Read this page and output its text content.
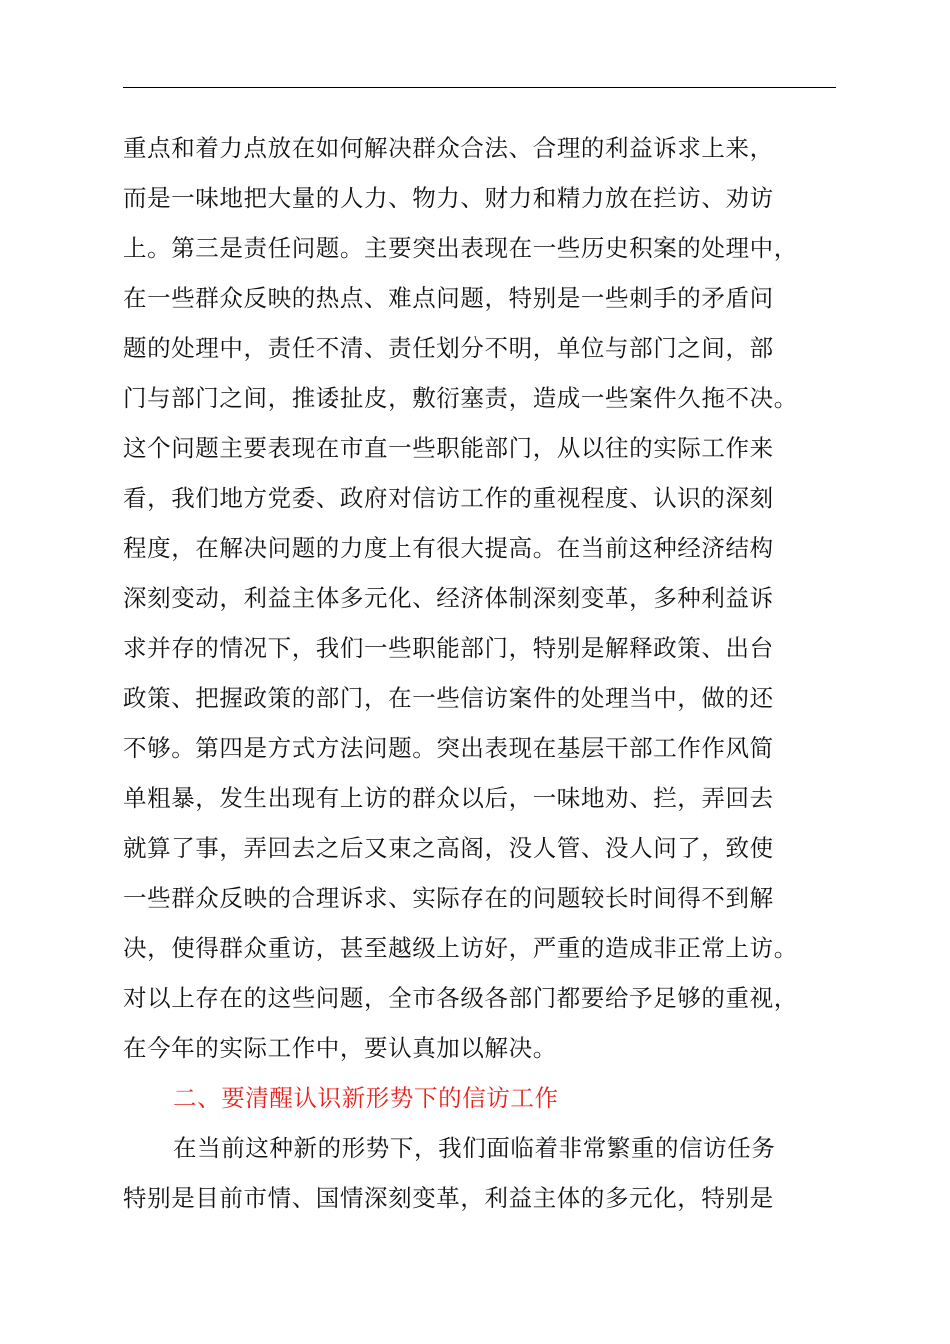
重点和着力点放在如何解决群众合法、合理的利益诉求上来，
而是一味地把大量的人力、物力、财力和精力放在拦访、劝访
上。第三是责任问题。主要突出表现在一些历史积案的处理中，
在一些群众反映的热点、难点问题，特别是一些刺手的矛盾问
题的处理中，责任不清、责任划分不明，单位与部门之间，部
门与部门之间，推诿扯皮，敷衍塞责，造成一些案件久拖不决。
这个问题主要表现在市直一些职能部门，从以往的实际工作来
看，我们地方党委、政府对信访工作的重视程度、认识的深刻
程度，在解决问题的力度上有很大提高。在当前这种经济结构
深刻变动，利益主体多元化、经济体制深刻变革，多种利益诉
求并存的情况下，我们一些职能部门，特别是解释政策、出台
政策、把握政策的部门，在一些信访案件的处理当中，做的还
不够。第四是方式方法问题。突出表现在基层干部工作作风简
单粗暴，发生出现有上访的群众以后，一味地劝、拦，弄回去
就算了事，弄回去之后又束之高阁，没人管、没人问了，致使
一些群众反映的合理诉求、实际存在的问题较长时间得不到解
决，使得群众重访，甚至越级上访好，严重的造成非正常上访。
对以上存在的这些问题，全市各级各部门都要给予足够的重视，
在今年的实际工作中，要认真加以解决。
二、要清醒认识新形势下的信访工作
在当前这种新的形势下，我们面临着非常繁重的信访任务
特别是目前市情、国情深刻变革，利益主体的多元化，特别是
